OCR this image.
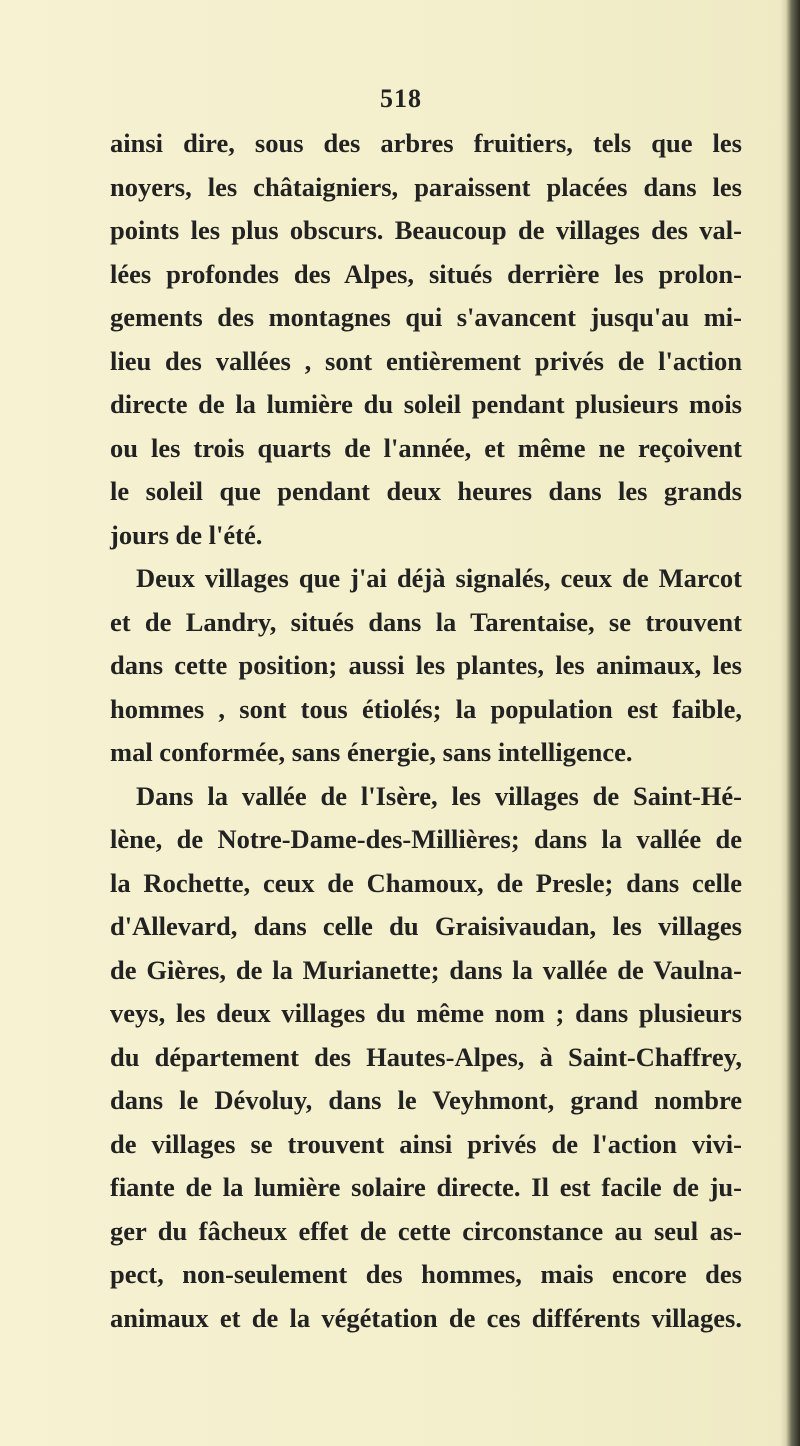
518
ainsi dire, sous des arbres fruitiers, tels que les
noyers, les châtaigniers, paraissent placées dans les
points les plus obscurs. Beaucoup de villages des val-
lées profondes des Alpes, situés derrière les prolon-
gements des montagnes qui s'avancent jusqu'au mi-
lieu des vallées , sont entièrement privés de l'action
directe de la lumière du soleil pendant plusieurs mois
ou les trois quarts de l'année, et même ne reçoivent
le soleil que pendant deux heures dans les grands
jours de l'été.
Deux villages que j'ai déjà signalés, ceux de Marcot
et de Landry, situés dans la Tarentaise, se trouvent
dans cette position; aussi les plantes, les animaux, les
hommes , sont tous étiolés; la population est faible,
mal conformée, sans énergie, sans intelligence.
Dans la vallée de l'Isère, les villages de Saint-Hé-
lène, de Notre-Dame-des-Millières; dans la vallée de
la Rochette, ceux de Chamoux, de Presle; dans celle
d'Allevard, dans celle du Graisivaudan, les villages
de Gières, de la Murianette; dans la vallée de Vaulna-
veys, les deux villages du même nom ; dans plusieurs
du département des Hautes-Alpes, à Saint-Chaffrey,
dans le Dévoluy, dans le Veyhmont, grand nombre
de villages se trouvent ainsi privés de l'action vivi-
fiante de la lumière solaire directe. Il est facile de ju-
ger du fâcheux effet de cette circonstance au seul as-
pect, non-seulement des hommes, mais encore des
animaux et de la végétation de ces différents villages.
